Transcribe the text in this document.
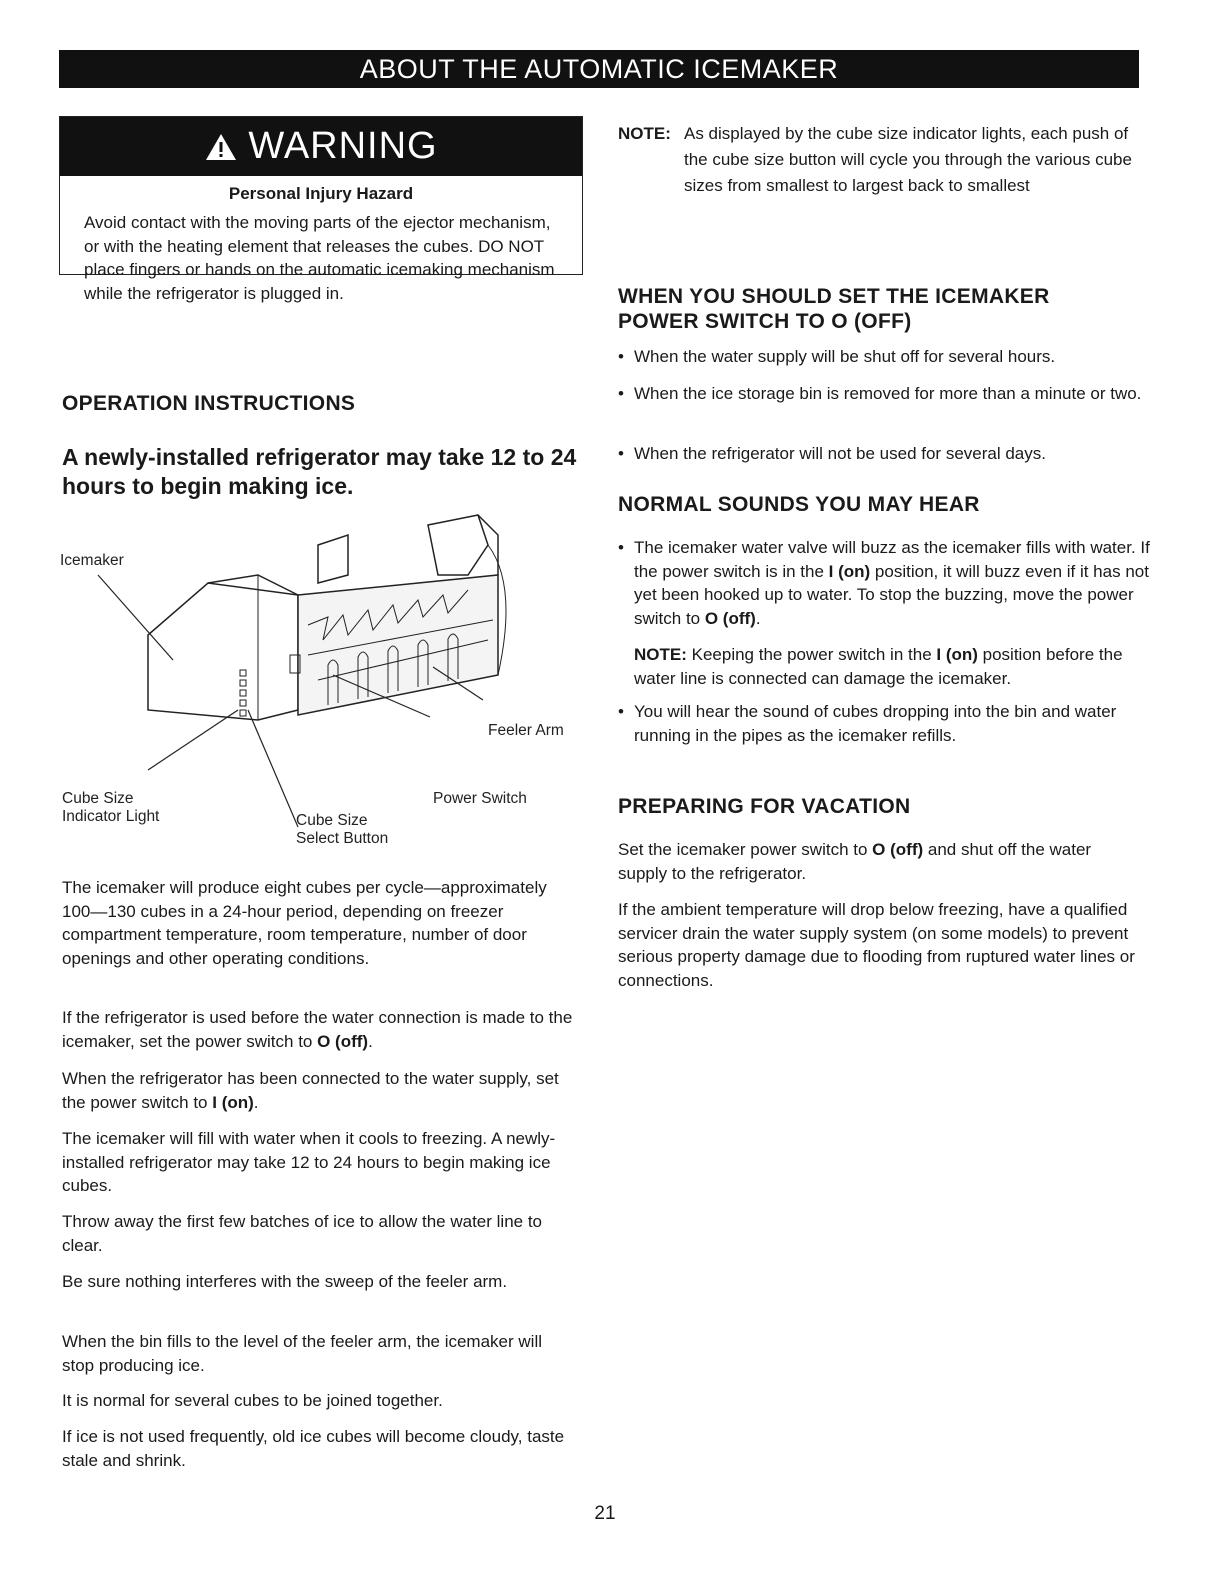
ABOUT THE AUTOMATIC ICEMAKER
WARNING
Personal Injury Hazard
Avoid contact with the moving parts of the ejector mechanism, or with the heating element that releases the cubes. DO NOT place fingers or hands on the automatic icemaking mechanism while the refrigerator is plugged in.
OPERATION INSTRUCTIONS
A newly-installed refrigerator may take 12 to 24 hours to begin making ice.
Icemaker
Feeler Arm
Power Switch
Cube Size
Indicator Light	Cube Size
Select Button

The icemaker will produce eight cubes per cycle—approximately 100—130 cubes in a 24-hour period, depending on freezer compartment temperature, room temperature, number of door openings and other operating conditions.

If the refrigerator is used before the water connection is made to the icemaker, set the power switch to O (off).

When the refrigerator has been connected to the water supply, set the power switch to I (on).

The icemaker will fill with water when it cools to freezing. A newly-installed refrigerator may take 12 to 24 hours to begin making ice cubes.

Throw away the first few batches of ice to allow the water line to clear.

Be sure nothing interferes with the sweep of the feeler arm.

When the bin fills to the level of the feeler arm, the icemaker will stop producing ice.

It is normal for several cubes to be joined together.

If ice is not used frequently, old ice cubes will become cloudy, taste stale and shrink.

NOTE: As displayed by the cube size indicator lights, each push of the cube size button will cycle you through the various cube sizes from smallest to largest back to smallest
WHEN YOU SHOULD SET THE ICEMAKER
POWER SWITCH TO O (OFF)
• When the water supply will be shut off for several hours.
• When the ice storage bin is removed for more than a minute or two.
• When the refrigerator will not be used for several days.
NORMAL SOUNDS YOU MAY HEAR
• The icemaker water valve will buzz as the icemaker fills with water. If the power switch is in the I (on) position, it will buzz even if it has not yet been hooked up to water. To stop the buzzing, move the power switch to O (off).
NOTE: Keeping the power switch in the I (on) position before the water line is connected can damage the icemaker.
• You will hear the sound of cubes dropping into the bin and water running in the pipes as the icemaker refills.
PREPARING FOR VACATION

Set the icemaker power switch to O (off) and shut off the water supply to the refrigerator.

If the ambient temperature will drop below freezing, have a qualified servicer drain the water supply system (on some models) to prevent serious property damage due to flooding from ruptured water lines or connections.

21
